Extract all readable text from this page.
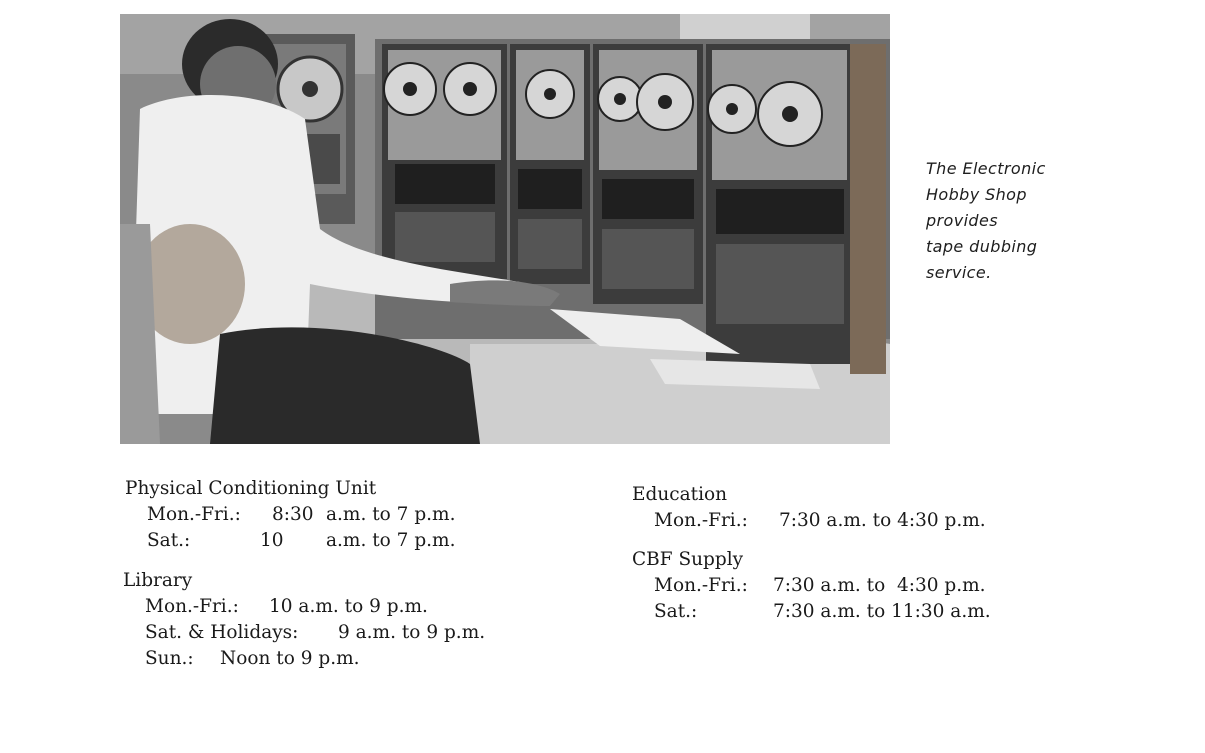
The Electronic
Hobby Shop
provides
tape dubbing
service.
Physical Conditioning Unit
Mon.-Fri.: 8:30 a.m. to 7 p.m.
Sat.:	10 a.m. to 7 p.m.
Library
Mon.-Fri.: 10 a.m. to 9 p.m.
Sat. & Holidays: 9 a.m. to 9 p.m.
Sun.: Noon to 9 p.m.
Education
Mon.-Fri.: 7:30 a.m. to 4:30 p.m.
CBF Supply
Mon.-Fri.: 7:30 a.m. to  4:30 p.m.
Sat.:	7:30 a.m. to 11:30 a.m.
